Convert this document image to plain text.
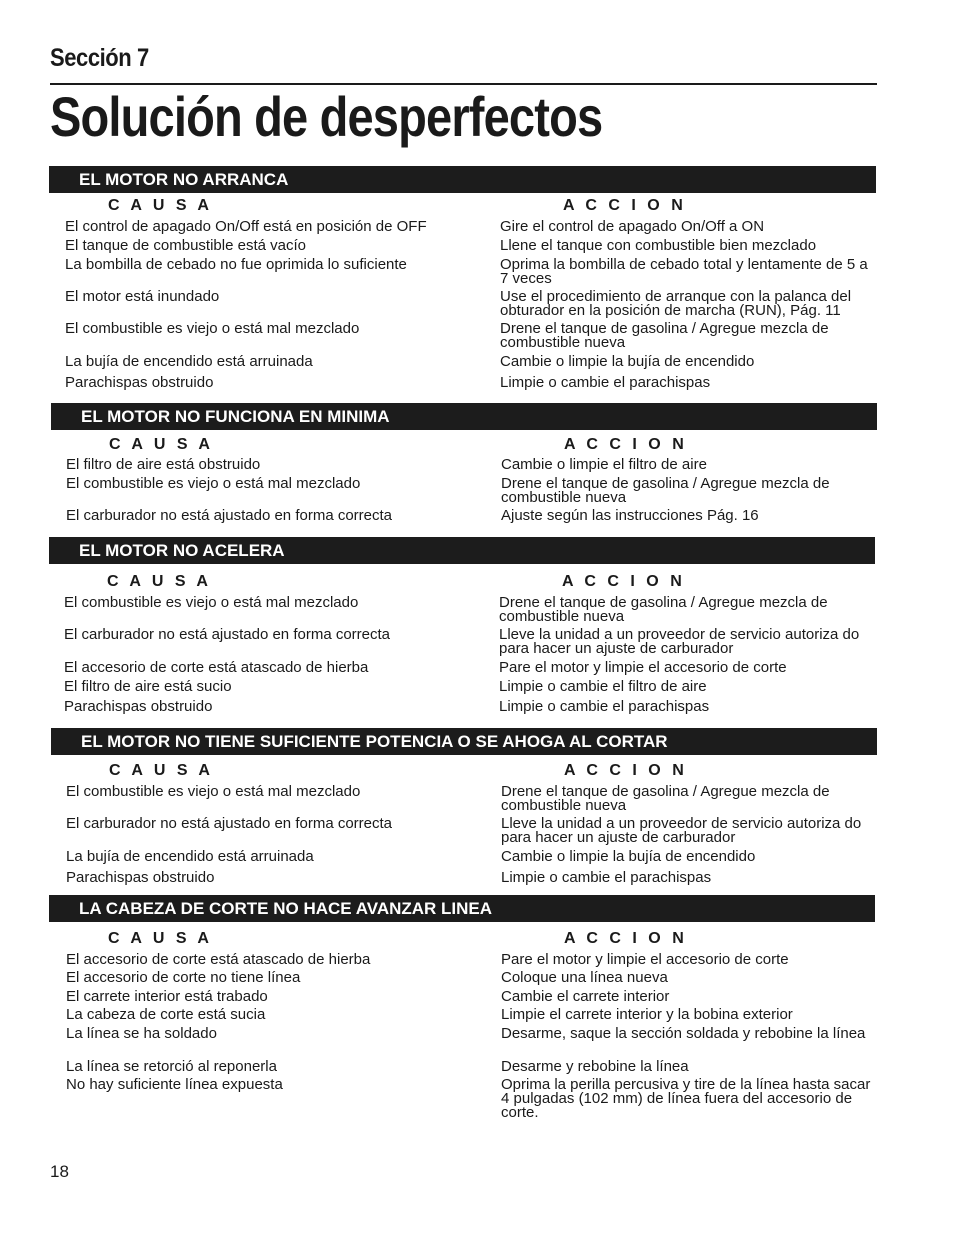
Sección 7
Solución de desperfectos
EL MOTOR NO ARRANCA
C A U S A	A C C I O N
El control de apagado On/Off está en posición de OFF	Gire el control de apagado On/Off a ON
El tanque de combustible está vacío	Llene el tanque con combustible bien mezclado
La bombilla de cebado no fue oprimida lo suficiente	Oprima la bombilla de cebado total y lentamente de 5 a 7 veces
El motor está inundado	Use el procedimiento de arranque con la palanca del obturador en la posición de marcha (RUN), Pág. 11
El combustible es viejo o está mal mezclado	Drene el tanque de gasolina / Agregue mezcla de combustible nueva
La bujía de encendido está arruinada	Cambie o limpie la bujía de encendido
Parachispas obstruido	Limpie o cambie el parachispas
EL MOTOR NO FUNCIONA EN MINIMA
C A U S A	A C C I O N
El filtro de aire está obstruido	Cambie o limpie el filtro de aire
El combustible es viejo o está mal mezclado	Drene el tanque de gasolina / Agregue mezcla de combustible nueva
El carburador no está ajustado en forma correcta	Ajuste según las instrucciones Pág. 16
EL MOTOR NO ACELERA
C A U S A	A C C I O N
El combustible es viejo o está mal mezclado	Drene el tanque de gasolina / Agregue mezcla de combustible nueva
El carburador no está ajustado en forma correcta	Lleve la unidad a un proveedor de servicio autoriza do para hacer un ajuste de carburador
El accesorio de corte está atascado de hierba	Pare el motor y limpie el accesorio de corte
El filtro de aire está sucio	Limpie o cambie el filtro de aire
Parachispas obstruido	Limpie o cambie el parachispas
EL MOTOR NO TIENE SUFICIENTE POTENCIA O SE AHOGA AL CORTAR
C A U S A	A C C I O N
El combustible es viejo o está mal mezclado	Drene el tanque de gasolina / Agregue mezcla de combustible nueva
El carburador no está ajustado en forma correcta	Lleve la unidad a un proveedor de servicio autoriza do para hacer un ajuste de carburador
La bujía de encendido está arruinada	Cambie o limpie la bujía de encendido
Parachispas obstruido	Limpie o cambie el parachispas
LA CABEZA DE CORTE NO HACE AVANZAR LINEA
C A U S A	A C C I O N
El accesorio de corte está atascado de hierba	Pare el motor y limpie el accesorio de corte
El accesorio de corte no tiene línea	Coloque una línea nueva
El carrete interior está trabado	Cambie el carrete interior
La cabeza de corte está sucia	Limpie el carrete interior y la bobina exterior
La línea se ha soldado	Desarme, saque la sección soldada y rebobine la línea
La línea se retorció al reponerla	Desarme y rebobine la línea
No hay suficiente línea expuesta	Oprima la perilla percusiva y tire de la línea hasta sacar 4 pulgadas (102 mm) de línea fuera del accesorio de corte.
18
